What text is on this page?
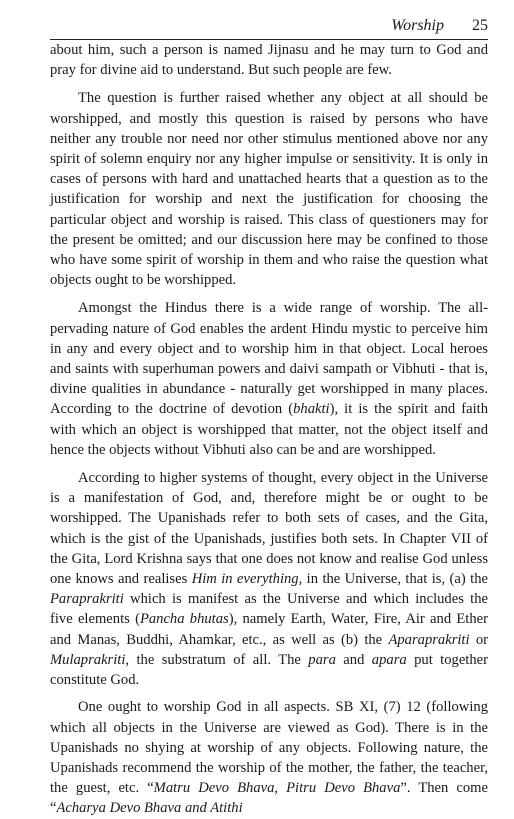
Worship 25

about him, such a person is named Jijnasu and he may turn to God and pray for divine aid to understand. But such people are few.

The question is further raised whether any object at all should be worshipped, and mostly this question is raised by persons who have neither any trouble nor need nor other stimulus mentioned above nor any spirit of solemn enquiry nor any higher impulse or sensitivity. It is only in cases of persons with hard and unattached hearts that a question as to the justification for worship and next the justification for choosing the particular object and worship is raised. This class of questioners may for the present be omitted; and our discussion here may be confined to those who have some spirit of worship in them and who raise the question what objects ought to be worshipped.

Amongst the Hindus there is a wide range of worship. The all-pervading nature of God enables the ardent Hindu mystic to perceive him in any and every object and to worship him in that object. Local heroes and saints with superhuman powers and daivi sampath or Vibhuti - that is, divine qualities in abundance - naturally get worshipped in many places. According to the doctrine of devotion (bhakti), it is the spirit and faith with which an object is worshipped that matter, not the object itself and hence the objects without Vibhuti also can be and are worshipped.

According to higher systems of thought, every object in the Universe is a manifestation of God, and, therefore might be or ought to be worshipped. The Upanishads refer to both sets of cases, and the Gita, which is the gist of the Upanishads, justifies both sets. In Chapter VII of the Gita, Lord Krishna says that one does not know and realise God unless one knows and realises Him in everything, in the Universe, that is, (a) the Paraprakriti which is manifest as the Universe and which includes the five elements (Pancha bhutas), namely Earth, Water, Fire, Air and Ether and Manas, Buddhi, Ahamkar, etc., as well as (b) the Aparaprakriti or Mulaprakriti, the substratum of all. The para and apara put together constitute God.

One ought to worship God in all aspects. SB XI, (7) 12 (following which all objects in the Universe are viewed as God). There is in the Upanishads no shying at worship of any objects. Following nature, the Upanishads recommend the worship of the mother, the father, the teacher, the guest, etc. “Matru Devo Bhava, Pitru Devo Bhava”. Then come “Acharya Devo Bhava and Atithi
